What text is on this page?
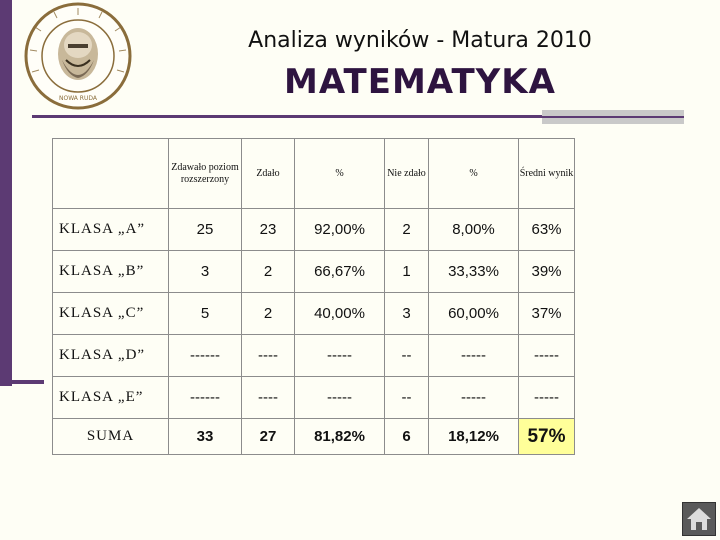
NOWA RUDA
Analiza wyników - Matura 2010
MATEMATYKA
	Zdawało poziom rozszerzony	Zdało	%	Nie zdało	%	Średni wynik
KLASA „A”	25	23	92,00%	2	8,00%	63%
KLASA „B”	3	2	66,67%	1	33,33%	39%
KLASA „C”	5	2	40,00%	3	60,00%	37%
KLASA „D”	------	----	-----	--	-----	-----
KLASA „E”	------	----	-----	--	-----	-----
SUMA	33	27	81,82%	6	18,12%	57%
